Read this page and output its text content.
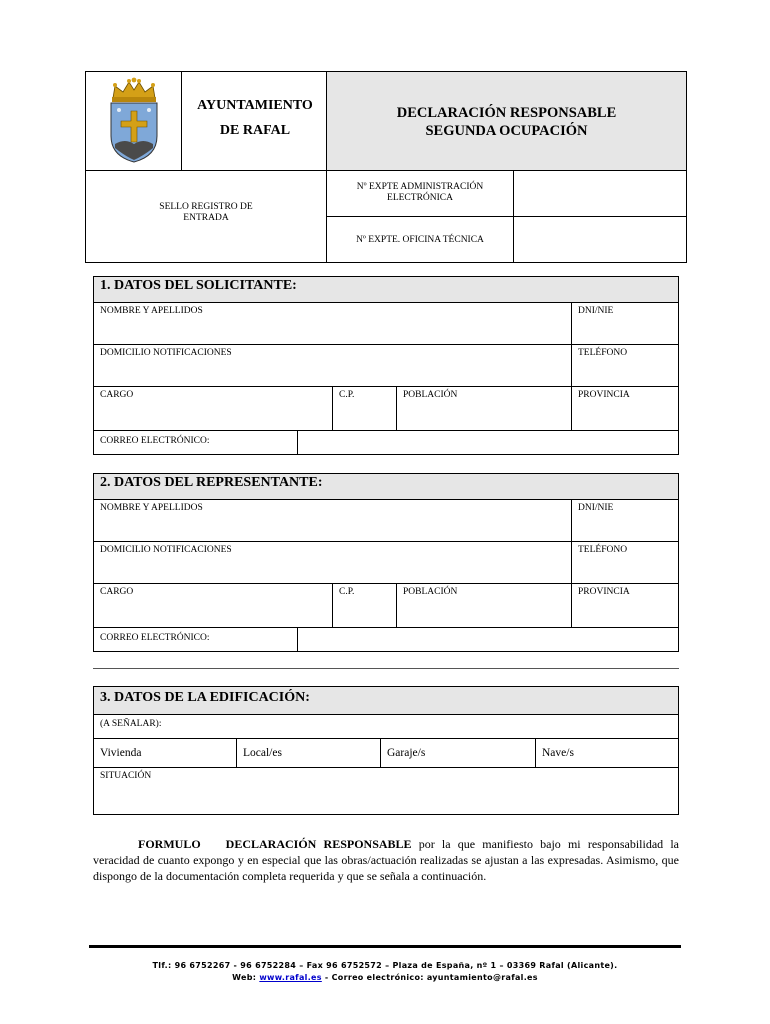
AYUNTAMIENTO
DE RAFAL
DECLARACIÓN RESPONSABLE
SEGUNDA OCUPACIÓN
SELLO REGISTRO DE ENTRADA
Nº EXPTE ADMINISTRACIÓN ELECTRÓNICA
Nº EXPTE. OFICINA TÉCNICA
1. DATOS DEL SOLICITANTE:
NOMBRE Y APELLIDOS	DNI/NIE
DOMICILIO NOTIFICACIONES	TELÉFONO
CARGO	C.P.	POBLACIÓN	PROVINCIA
CORREO ELECTRÓNICO:
2. DATOS DEL REPRESENTANTE:
NOMBRE Y APELLIDOS	DNI/NIE
DOMICILIO NOTIFICACIONES	TELÉFONO
CARGO	C.P.	POBLACIÓN	PROVINCIA
CORREO ELECTRÓNICO:
3. DATOS DE LA EDIFICACIÓN:
(A SEÑALAR):
Vivienda	Local/es	Garaje/s	Nave/s
SITUACIÓN
FORMULO DECLARACIÓN RESPONSABLE por la que manifiesto bajo mi responsabilidad la veracidad de cuanto expongo y en especial que las obras/actuación realizadas se ajustan a las expresadas. Asimismo, que dispongo de la documentación completa requerida y que se señala a continuación.
Tlf.: 96 6752267 - 96 6752284 – Fax 96 6752572 – Plaza de España, nº 1 – 03369 Rafal (Alicante).
Web: www.rafal.es - Correo electrónico: ayuntamiento@rafal.es
